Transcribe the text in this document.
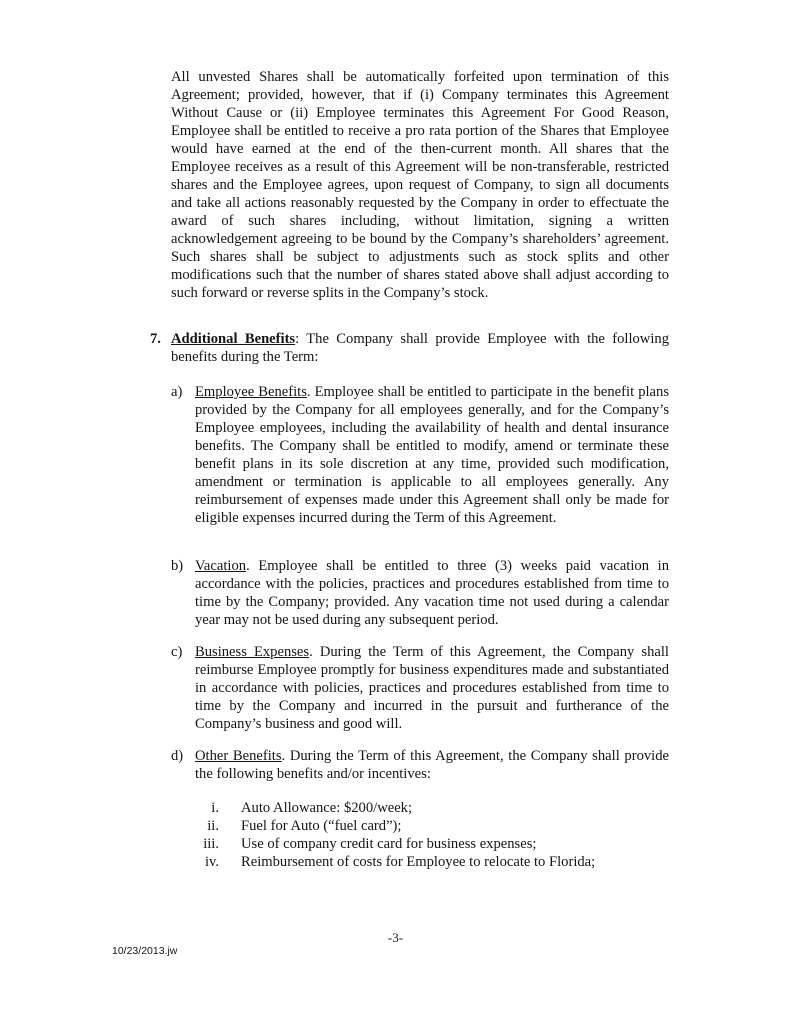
All unvested Shares shall be automatically forfeited upon termination of this Agreement; provided, however, that if (i) Company terminates this Agreement Without Cause or (ii) Employee terminates this Agreement For Good Reason, Employee shall be entitled to receive a pro rata portion of the Shares that Employee would have earned at the end of the then-current month. All shares that the Employee receives as a result of this Agreement will be non-transferable, restricted shares and the Employee agrees, upon request of Company, to sign all documents and take all actions reasonably requested by the Company in order to effectuate the award of such shares including, without limitation, signing a written acknowledgement agreeing to be bound by the Company’s shareholders’ agreement. Such shares shall be subject to adjustments such as stock splits and other modifications such that the number of shares stated above shall adjust according to such forward or reverse splits in the Company’s stock.

7. Additional Benefits: The Company shall provide Employee with the following benefits during the Term:
a) Employee Benefits. Employee shall be entitled to participate in the benefit plans provided by the Company for all employees generally, and for the Company’s Employee employees, including the availability of health and dental insurance benefits. The Company shall be entitled to modify, amend or terminate these benefit plans in its sole discretion at any time, provided such modification, amendment or termination is applicable to all employees generally. Any reimbursement of expenses made under this Agreement shall only be made for eligible expenses incurred during the Term of this Agreement.
b) Vacation. Employee shall be entitled to three (3) weeks paid vacation in accordance with the policies, practices and procedures established from time to time by the Company; provided. Any vacation time not used during a calendar year may not be used during any subsequent period.
c) Business Expenses. During the Term of this Agreement, the Company shall reimburse Employee promptly for business expenditures made and substantiated in accordance with policies, practices and procedures established from time to time by the Company and incurred in the pursuit and furtherance of the Company’s business and good will.
d) Other Benefits. During the Term of this Agreement, the Company shall provide the following benefits and/or incentives:
i. Auto Allowance: $200/week;
ii. Fuel for Auto (“fuel card”);
iii. Use of company credit card for business expenses;
iv. Reimbursement of costs for Employee to relocate to Florida;
-3-
10/23/2013.jw
